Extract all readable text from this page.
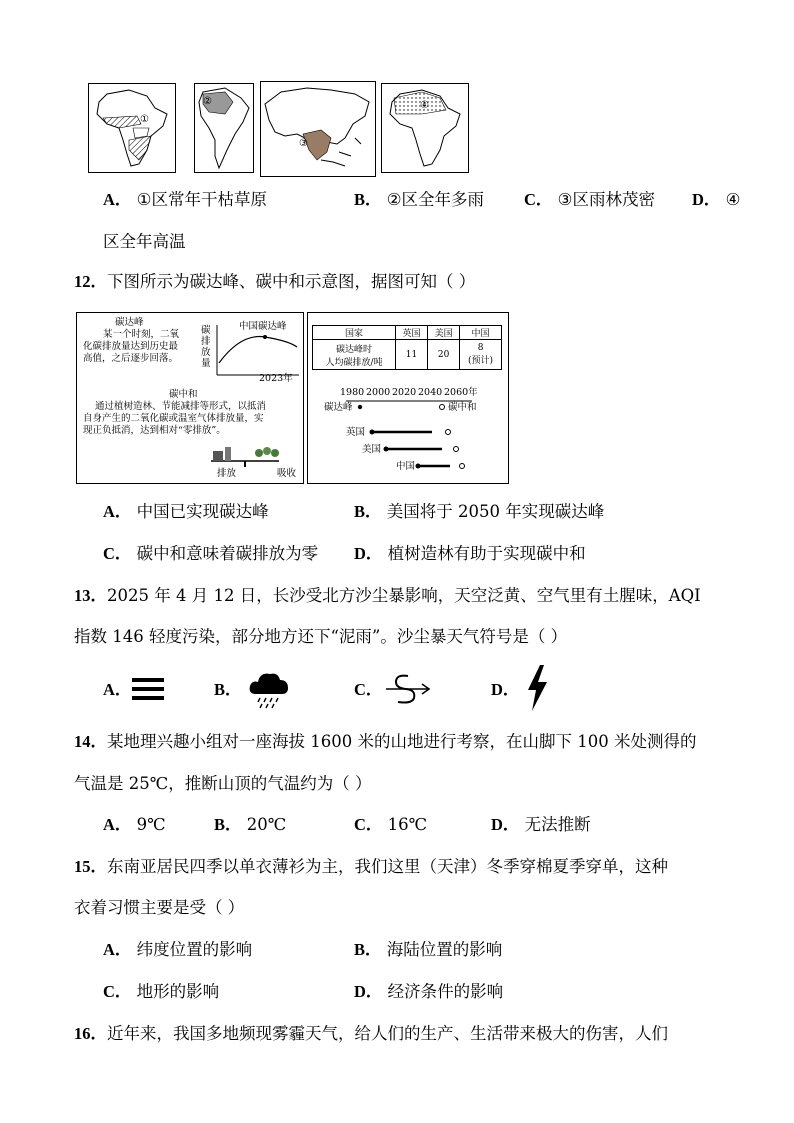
①
②
③
④
A． ①区常年干枯草原	B． ②区全年多雨 C． ③区雨林茂密 D． ④
区全年高温
12．下图所示为碳达峰、碳中和示意图，据图可知（ ）
碳达峰
某一个时刻，二氧
化碳排放量达到历史最
高值，之后逐步回落。
碳排放量
中国碳达峰
2023年
碳中和
通过植树造林、节能减排等形式，以抵消
自身产生的二氧化碳或温室气体排放量，实
现正负抵消，达到相对“零排放”。
排放	吸收
国家	英国	美国	中国
碳达峰时
人均碳排放/吨	11	20	8
(预计)
1980 2000 2020 2040 2060年
碳达峰	碳中和
英国
美国
中国
A． 中国已实现碳达峰	B． 美国将于 2050 年实现碳达峰
C． 碳中和意味着碳排放为零 D． 植树造林有助于实现碳中和
13．2025 年 4 月 12 日，长沙受北方沙尘暴影响，天空泛黄、空气里有土腥味，AQI
指数 146 轻度污染，部分地方还下“泥雨”。沙尘暴天气符号是（ ）
A．	B．	C．	D．
14．某地理兴趣小组对一座海拔 1600 米的山地进行考察，在山脚下 100 米处测得的
气温是 25℃，推断山顶的气温约为（ ）
A． 9℃	B． 20℃	C． 16℃	D． 无法推断
15．东南亚居民四季以单衣薄衫为主，我们这里（天津）冬季穿棉夏季穿单，这种
衣着习惯主要是受（ ）
A． 纬度位置的影响	B． 海陆位置的影响
C． 地形的影响	D． 经济条件的影响
16．近年来，我国多地频现雾霾天气，给人们的生产、生活带来极大的伤害，人们
